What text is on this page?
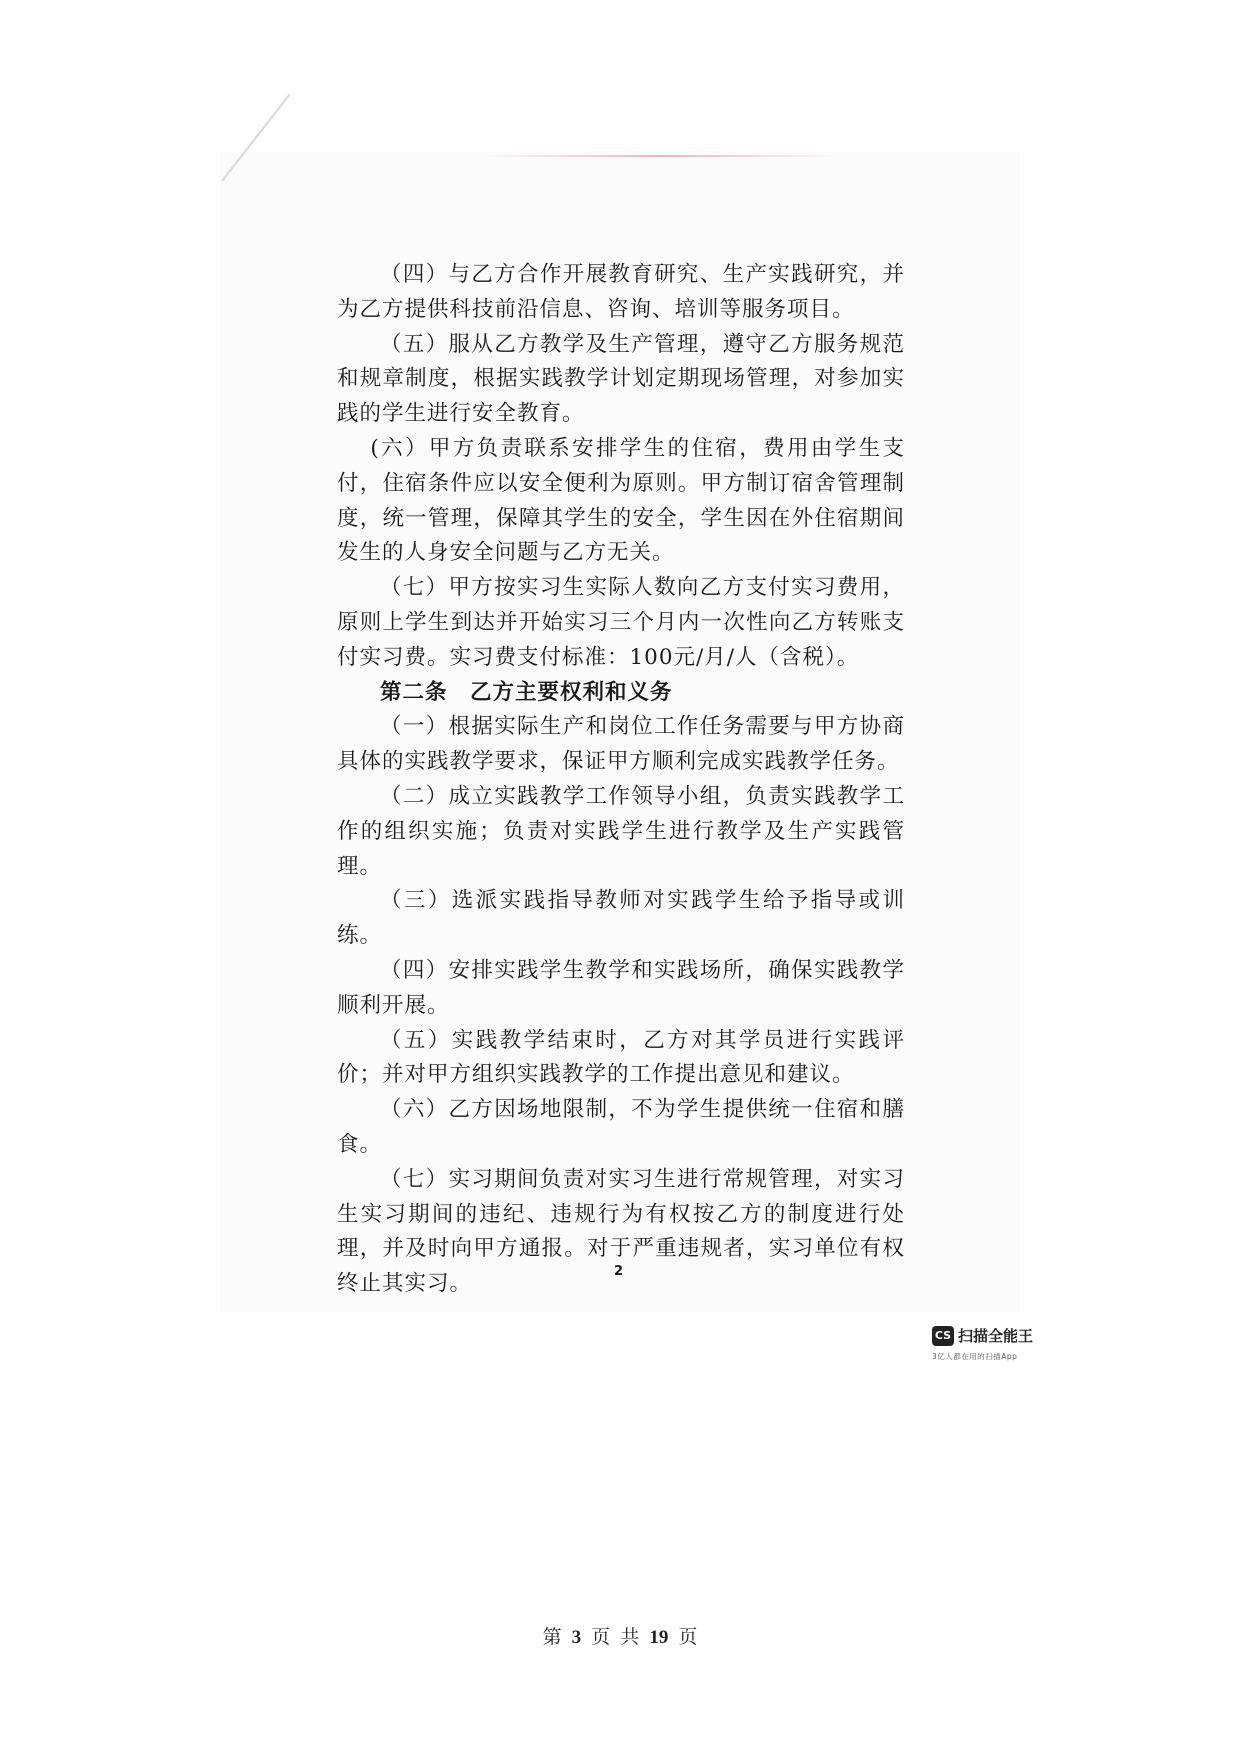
（四）与乙方合作开展教育研究、生产实践研究，并为乙方提供科技前沿信息、咨询、培训等服务项目。

（五）服从乙方教学及生产管理，遵守乙方服务规范和规章制度，根据实践教学计划定期现场管理，对参加实践的学生进行安全教育。

(六）甲方负责联系安排学生的住宿，费用由学生支付，住宿条件应以安全便利为原则。甲方制订宿舍管理制度，统一管理，保障其学生的安全，学生因在外住宿期间发生的人身安全问题与乙方无关。

（七）甲方按实习生实际人数向乙方支付实习费用，原则上学生到达并开始实习三个月内一次性向乙方转账支付实习费。实习费支付标准：100元/月/人（含税）。

第二条　乙方主要权利和义务

（一）根据实际生产和岗位工作任务需要与甲方协商具体的实践教学要求，保证甲方顺利完成实践教学任务。

（二）成立实践教学工作领导小组，负责实践教学工作的组织实施；负责对实践学生进行教学及生产实践管理。

（三）选派实践指导教师对实践学生给予指导或训练。

（四）安排实践学生教学和实践场所，确保实践教学顺利开展。

（五）实践教学结束时，乙方对其学员进行实践评价；并对甲方组织实践教学的工作提出意见和建议。

（六）乙方因场地限制，不为学生提供统一住宿和膳食。

（七）实习期间负责对实习生进行常规管理，对实习生实习期间的违纪、违规行为有权按乙方的制度进行处理，并及时向甲方通报。对于严重违规者，实习单位有权终止其实习。	2
CS 扫描全能王
3亿人都在用的扫描App
第 3 页 共 19 页
